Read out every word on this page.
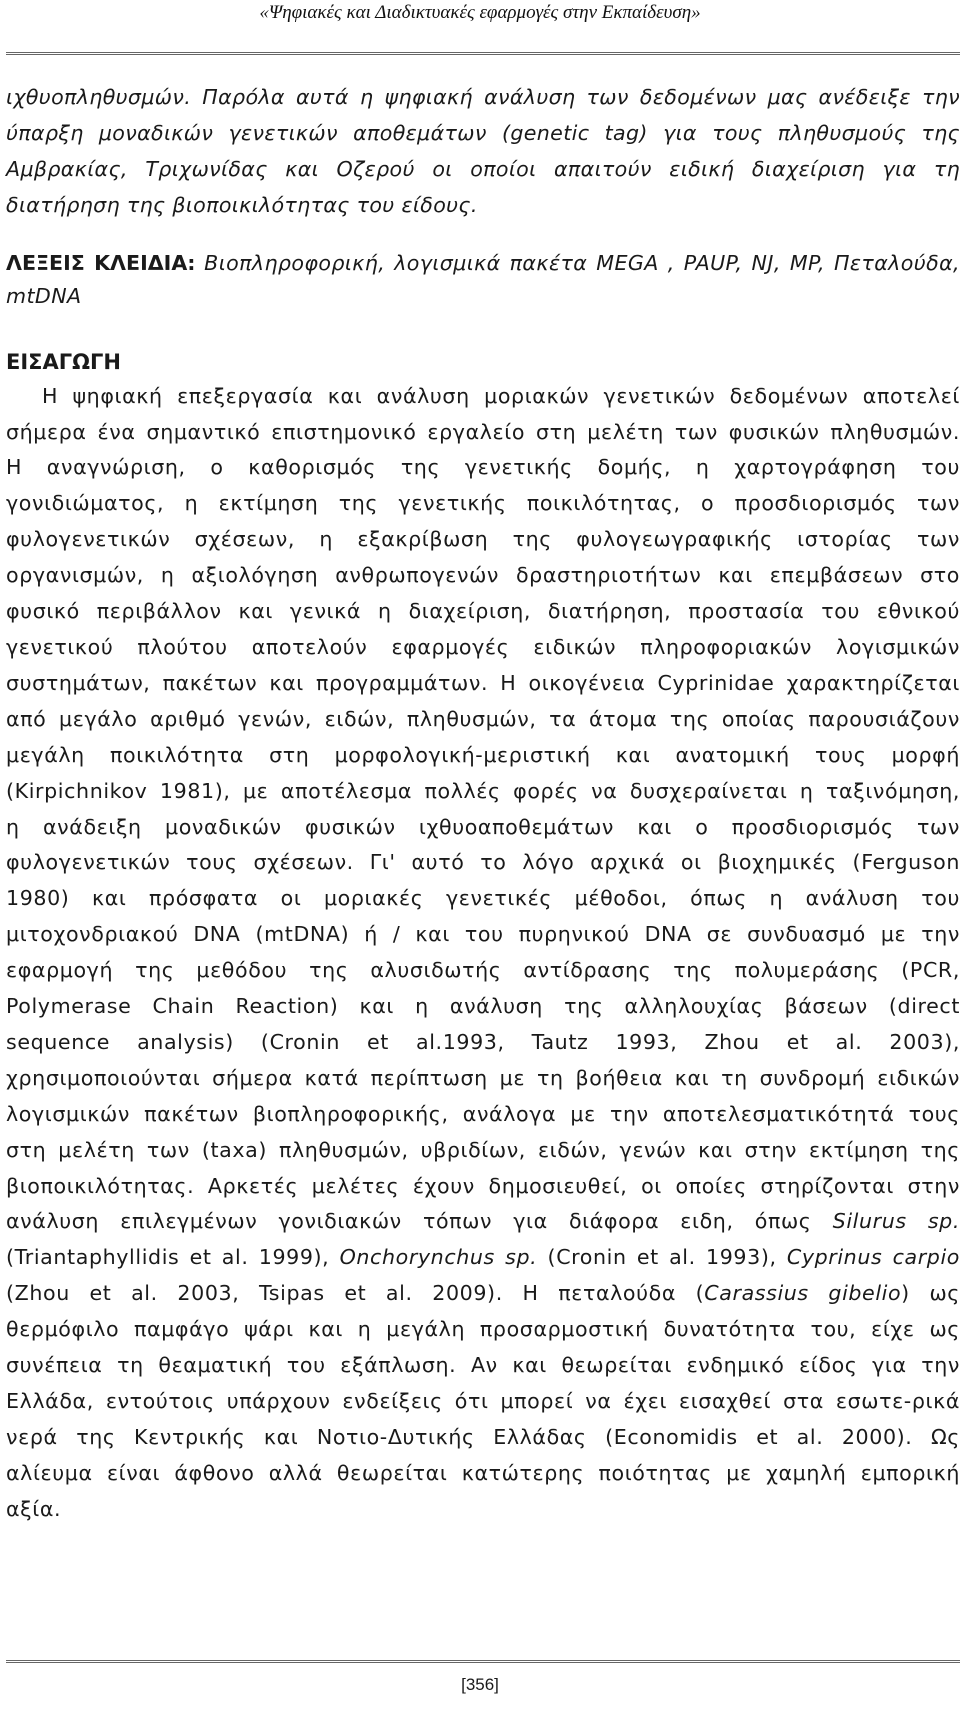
«Ψηφιακές και Διαδικτυακές εφαρμογές στην Εκπαίδευση»

ιχθυοπληθυσμών. Παρόλα αυτά η ψηφιακή ανάλυση των δεδομένων μας ανέδειξε την ύπαρξη μοναδικών γενετικών αποθεμάτων (genetic tag) για τους πληθυσμούς της Αμβρακίας, Τριχωνίδας και Οζερού οι οποίοι απαιτούν ειδική διαχείριση για τη διατήρηση της βιοποικιλότητας του είδους.

ΛΕΞΕΙΣ ΚΛΕΙΔΙΑ: Βιοπληροφορική, λογισμικά πακέτα MEGA , PAUP, NJ, MP, Πεταλούδα, mtDNA

ΕΙΣΑΓΩΓΗ

Η ψηφιακή επεξεργασία και ανάλυση μοριακών γενετικών δεδομένων αποτελεί σήμερα ένα σημαντικό επιστημονικό εργαλείο στη μελέτη των φυσικών πληθυσμών. Η αναγνώριση, ο καθορισμός της γενετικής δομής, η χαρτογράφηση του γονιδιώματος, η εκτίμηση της γενετικής ποικιλότητας, ο προσδιορισμός των φυλογενετικών σχέσεων, η εξακρίβωση της φυλογεωγραφικής ιστορίας των οργανισμών, η αξιολόγηση ανθρωπογενών δραστηριοτήτων και επεμβάσεων στο φυσικό περιβάλλον και γενικά η διαχείριση, διατήρηση, προστασία του εθνικού γενετικού πλούτου αποτελούν εφαρμογές ειδικών πληροφοριακών λογισμικών συστημάτων, πακέτων και προγραμμάτων. Η οικογένεια Cyprinidae χαρακτηρίζεται από μεγάλο αριθμό γενών, ειδών, πληθυσμών, τα άτομα της οποίας παρουσιάζουν μεγάλη ποικιλότητα στη μορφολογική-μεριστική και ανατομική τους μορφή (Kirpichnikov 1981), με αποτέλεσμα πολλές φορές να δυσχεραίνεται η ταξινόμηση, η ανάδειξη μοναδικών φυσικών ιχθυοαποθεμάτων και ο προσδιορισμός των φυλογενετικών τους σχέσεων. Γι' αυτό το λόγο αρχικά οι βιοχημικές (Ferguson 1980) και πρόσφατα οι μοριακές γενετικές μέθοδοι, όπως η ανάλυση του μιτοχονδριακού DNA (mtDNA) ή / και του πυρηνικού DNA σε συνδυασμό με την εφαρμογή της μεθόδου της αλυσιδωτής αντίδρασης της πολυμεράσης (PCR, Polymerase Chain Reaction) και η ανάλυση της αλληλουχίας βάσεων (direct sequence analysis) (Cronin et al.1993, Tautz 1993, Zhou et al. 2003), χρησιμοποιούνται σήμερα κατά περίπτωση με τη βοήθεια και τη συνδρομή ειδικών λογισμικών πακέτων βιοπληροφορικής, ανάλογα με την αποτελεσματικότητά τους στη μελέτη των (taxa) πληθυσμών, υβριδίων, ειδών, γενών και στην εκτίμηση της βιοποικιλότητας. Αρκετές μελέτες έχουν δημοσιευθεί, οι οποίες στηρίζονται στην ανάλυση επιλεγμένων γονιδιακών τόπων για διάφορα ειδη, όπως Silurus sp. (Triantaphyllidis et al. 1999), Onchorynchus sp. (Cronin et al. 1993), Cyprinus carpio (Zhou et al. 2003, Tsipas et al. 2009). Η πεταλούδα (Carassius gibelio) ως θερμόφιλο παμφάγο ψάρι και η μεγάλη προσαρμοστική δυνατότητα του, είχε ως συνέπεια τη θεαματική του εξάπλωση. Αν και θεωρείται ενδημικό είδος για την Ελλάδα, εντούτοις υπάρχουν ενδείξεις ότι μπορεί να έχει εισαχθεί στα εσωτε-ρικά νερά της Κεντρικής και Νοτιο-Δυτικής Ελλάδας (Economidis et al. 2000). Ως αλίευμα είναι άφθονο αλλά θεωρείται κατώτερης ποιότητας με χαμηλή εμπορική αξία.

[356]
